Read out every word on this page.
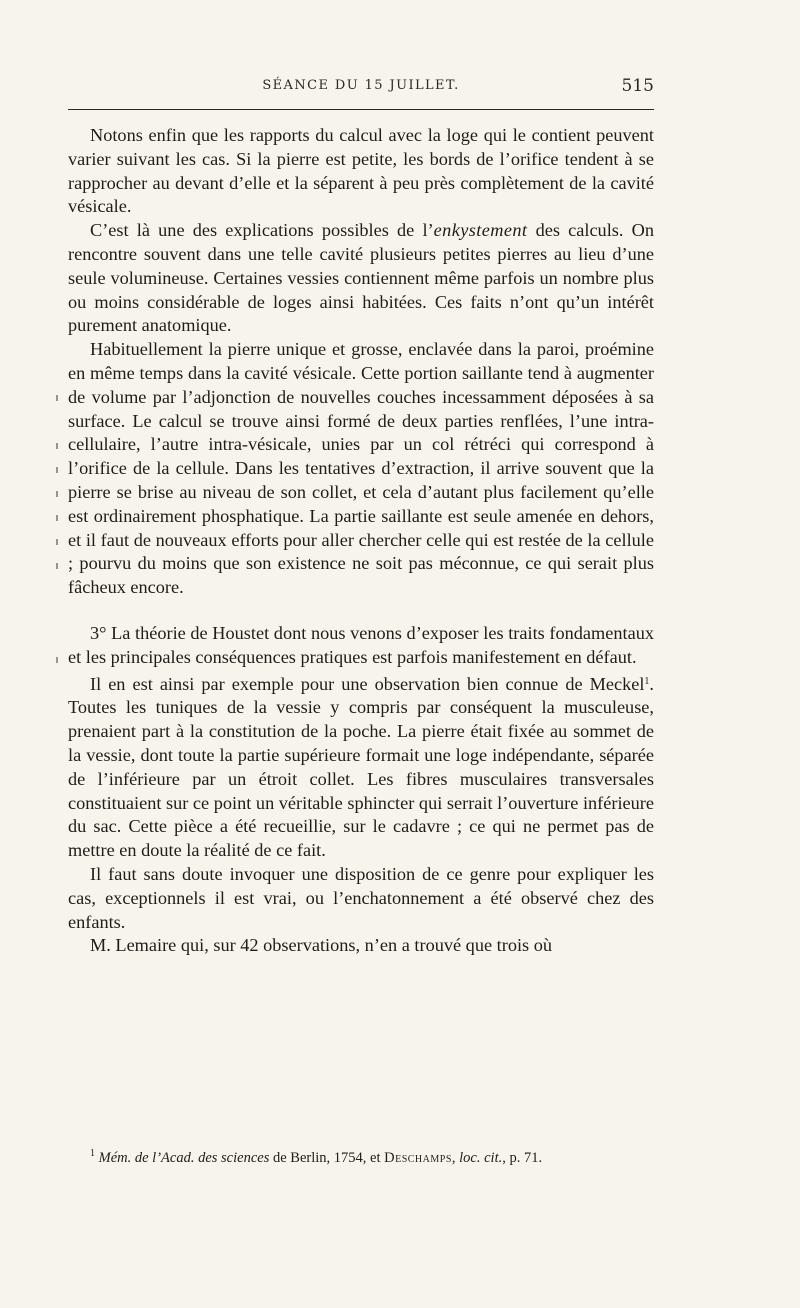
SÉANCE DU 15 JUILLET.	515

Notons enfin que les rapports du calcul avec la loge qui le contient peuvent varier suivant les cas. Si la pierre est petite, les bords de l’orifice tendent à se rapprocher au devant d’elle et la séparent à peu près complètement de la cavité vésicale.

C’est là une des explications possibles de l’enkystement des calculs. On rencontre souvent dans une telle cavité plusieurs petites pierres au lieu d’une seule volumineuse. Certaines vessies contiennent même parfois un nombre plus ou moins considérable de loges ainsi habitées. Ces faits n’ont qu’un intérêt purement anatomique.

Habituellement la pierre unique et grosse, enclavée dans la paroi, proémine en même temps dans la cavité vésicale. Cette portion saillante tend à augmenter de volume par l’adjonction de nouvelles couches incessamment déposées à sa surface. Le calcul se trouve ainsi formé de deux parties renflées, l’une intra-cellulaire, l’autre intra-vésicale, unies par un col rétréci qui correspond à l’orifice de la cellule. Dans les tentatives d’extraction, il arrive souvent que la pierre se brise au niveau de son collet, et cela d’autant plus facilement qu’elle est ordinairement phosphatique. La partie saillante est seule amenée en dehors, et il faut de nouveaux efforts pour aller chercher celle qui est restée de la cellule ; pourvu du moins que son existence ne soit pas méconnue, ce qui serait plus fâcheux encore.

3° La théorie de Houstet dont nous venons d’exposer les traits fondamentaux et les principales conséquences pratiques est parfois manifestement en défaut.

Il en est ainsi par exemple pour une observation bien connue de Meckel$^1$. Toutes les tuniques de la vessie y compris par conséquent la musculeuse, prenaient part à la constitution de la poche. La pierre était fixée au sommet de la vessie, dont toute la partie supérieure formait une loge indépendante, séparée de l’inférieure par un étroit collet. Les fibres musculaires transversales constituaient sur ce point un véritable sphincter qui serrait l’ouverture inférieure du sac. Cette pièce a été recueillie, sur le cadavre ; ce qui ne permet pas de mettre en doute la réalité de ce fait.

Il faut sans doute invoquer une disposition de ce genre pour expliquer les cas, exceptionnels il est vrai, ou l’enchatonnement a été observé chez des enfants.

M. Lemaire qui, sur 42 observations, n’en a trouvé que trois où

$^1$ Mém. de l’Acad. des sciences de Berlin, 1754, et Deschamps, loc. cit., p. 71.
